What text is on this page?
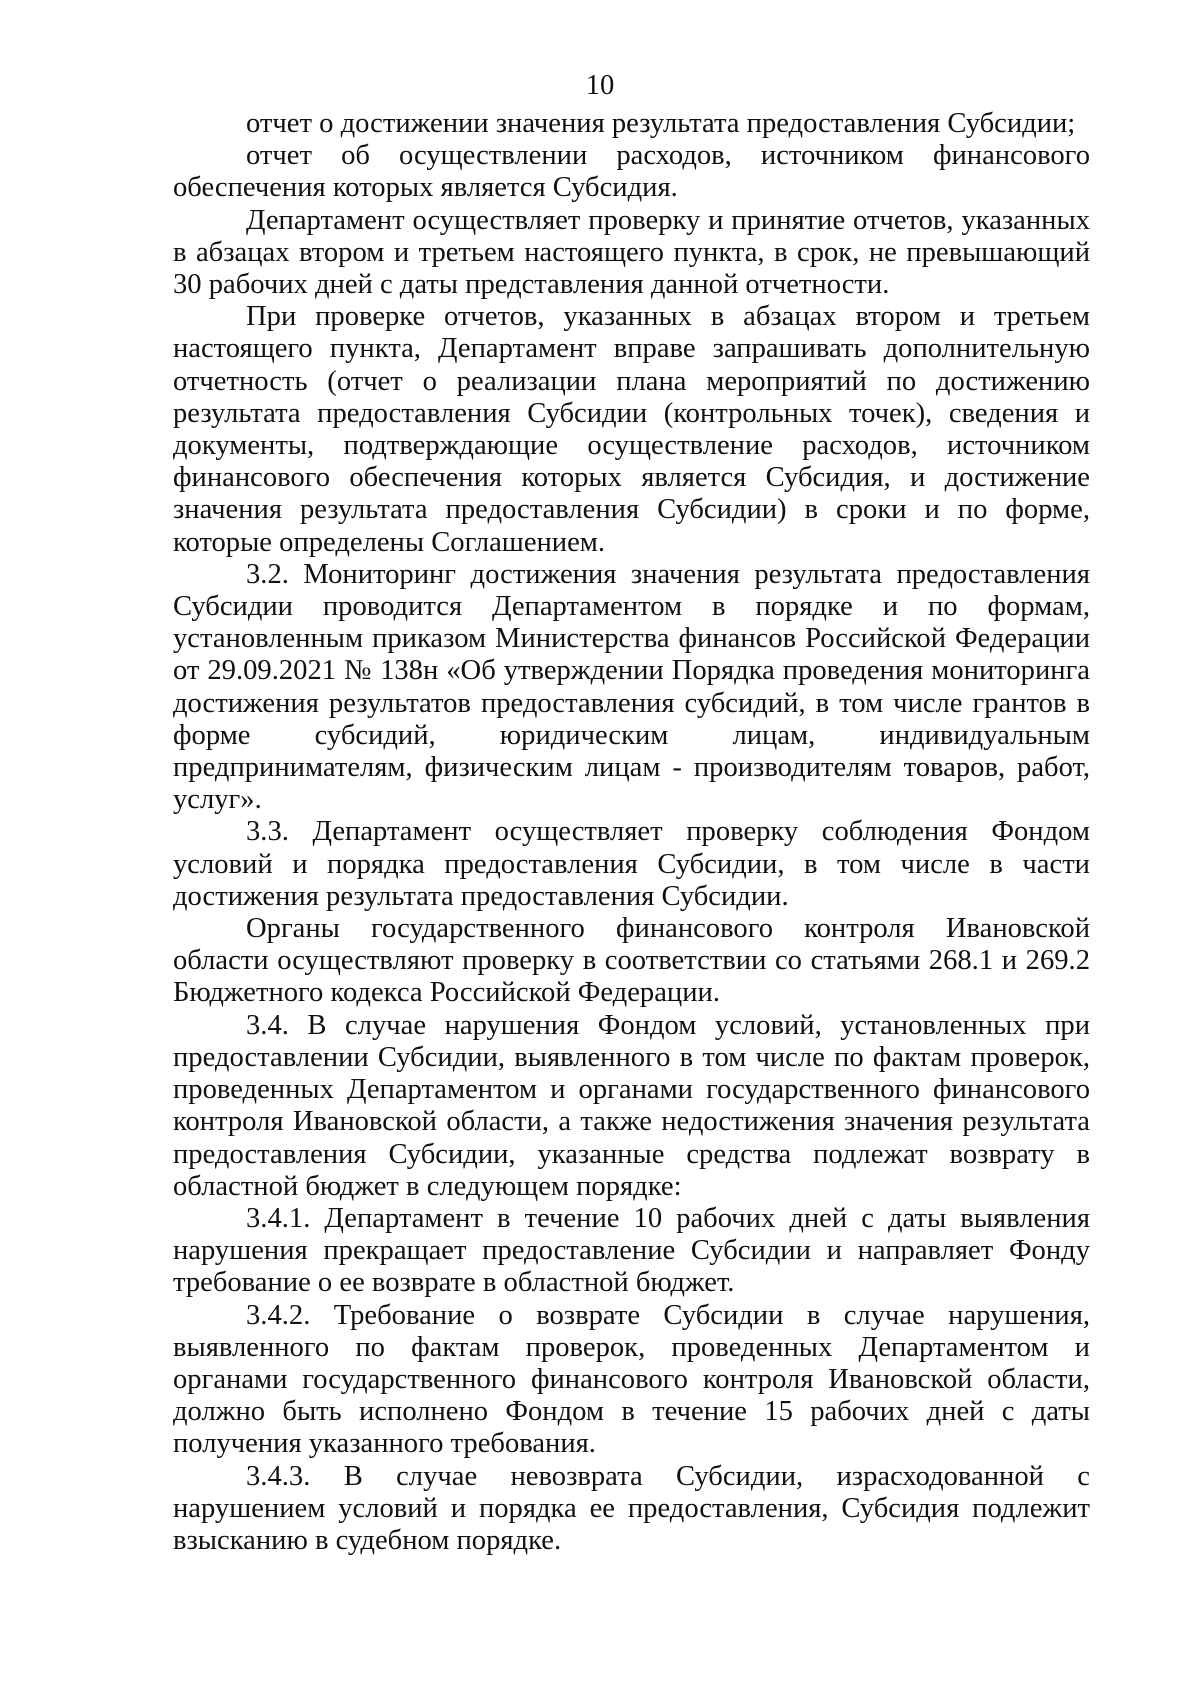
10

отчет о достижении значения результата предоставления Субсидии;

отчет об осуществлении расходов, источником финансового обеспечения которых является Субсидия.

Департамент осуществляет проверку и принятие отчетов, указанных в абзацах втором и третьем настоящего пункта, в срок, не превышающий 30 рабочих дней с даты представления данной отчетности.

При проверке отчетов, указанных в абзацах втором и третьем настоящего пункта, Департамент вправе запрашивать дополнительную отчетность (отчет о реализации плана мероприятий по достижению результата предоставления Субсидии (контрольных точек), сведения и документы, подтверждающие осуществление расходов, источником финансового обеспечения которых является Субсидия, и достижение значения результата предоставления Субсидии) в сроки и по форме, которые определены Соглашением.

3.2. Мониторинг достижения значения результата предоставления Субсидии проводится Департаментом в порядке и по формам, установленным приказом Министерства финансов Российской Федерации от 29.09.2021 № 138н «Об утверждении Порядка проведения мониторинга достижения результатов предоставления субсидий, в том числе грантов в форме субсидий, юридическим лицам, индивидуальным предпринимателям, физическим лицам - производителям товаров, работ, услуг».

3.3. Департамент осуществляет проверку соблюдения Фондом условий и порядка предоставления Субсидии, в том числе в части достижения результата предоставления Субсидии.

Органы государственного финансового контроля Ивановской области осуществляют проверку в соответствии со статьями 268.1 и 269.2 Бюджетного кодекса Российской Федерации.

3.4. В случае нарушения Фондом условий, установленных при предоставлении Субсидии, выявленного в том числе по фактам проверок, проведенных Департаментом и органами государственного финансового контроля Ивановской области, а также недостижения значения результата предоставления Субсидии, указанные средства подлежат возврату в областной бюджет в следующем порядке:

3.4.1. Департамент в течение 10 рабочих дней с даты выявления нарушения прекращает предоставление Субсидии и направляет Фонду требование о ее возврате в областной бюджет.

3.4.2. Требование о возврате Субсидии в случае нарушения, выявленного по фактам проверок, проведенных Департаментом и органами государственного финансового контроля Ивановской области, должно быть исполнено Фондом в течение 15 рабочих дней с даты получения указанного требования.

3.4.3. В случае невозврата Субсидии, израсходованной с нарушением условий и порядка ее предоставления, Субсидия подлежит взысканию в судебном порядке.
